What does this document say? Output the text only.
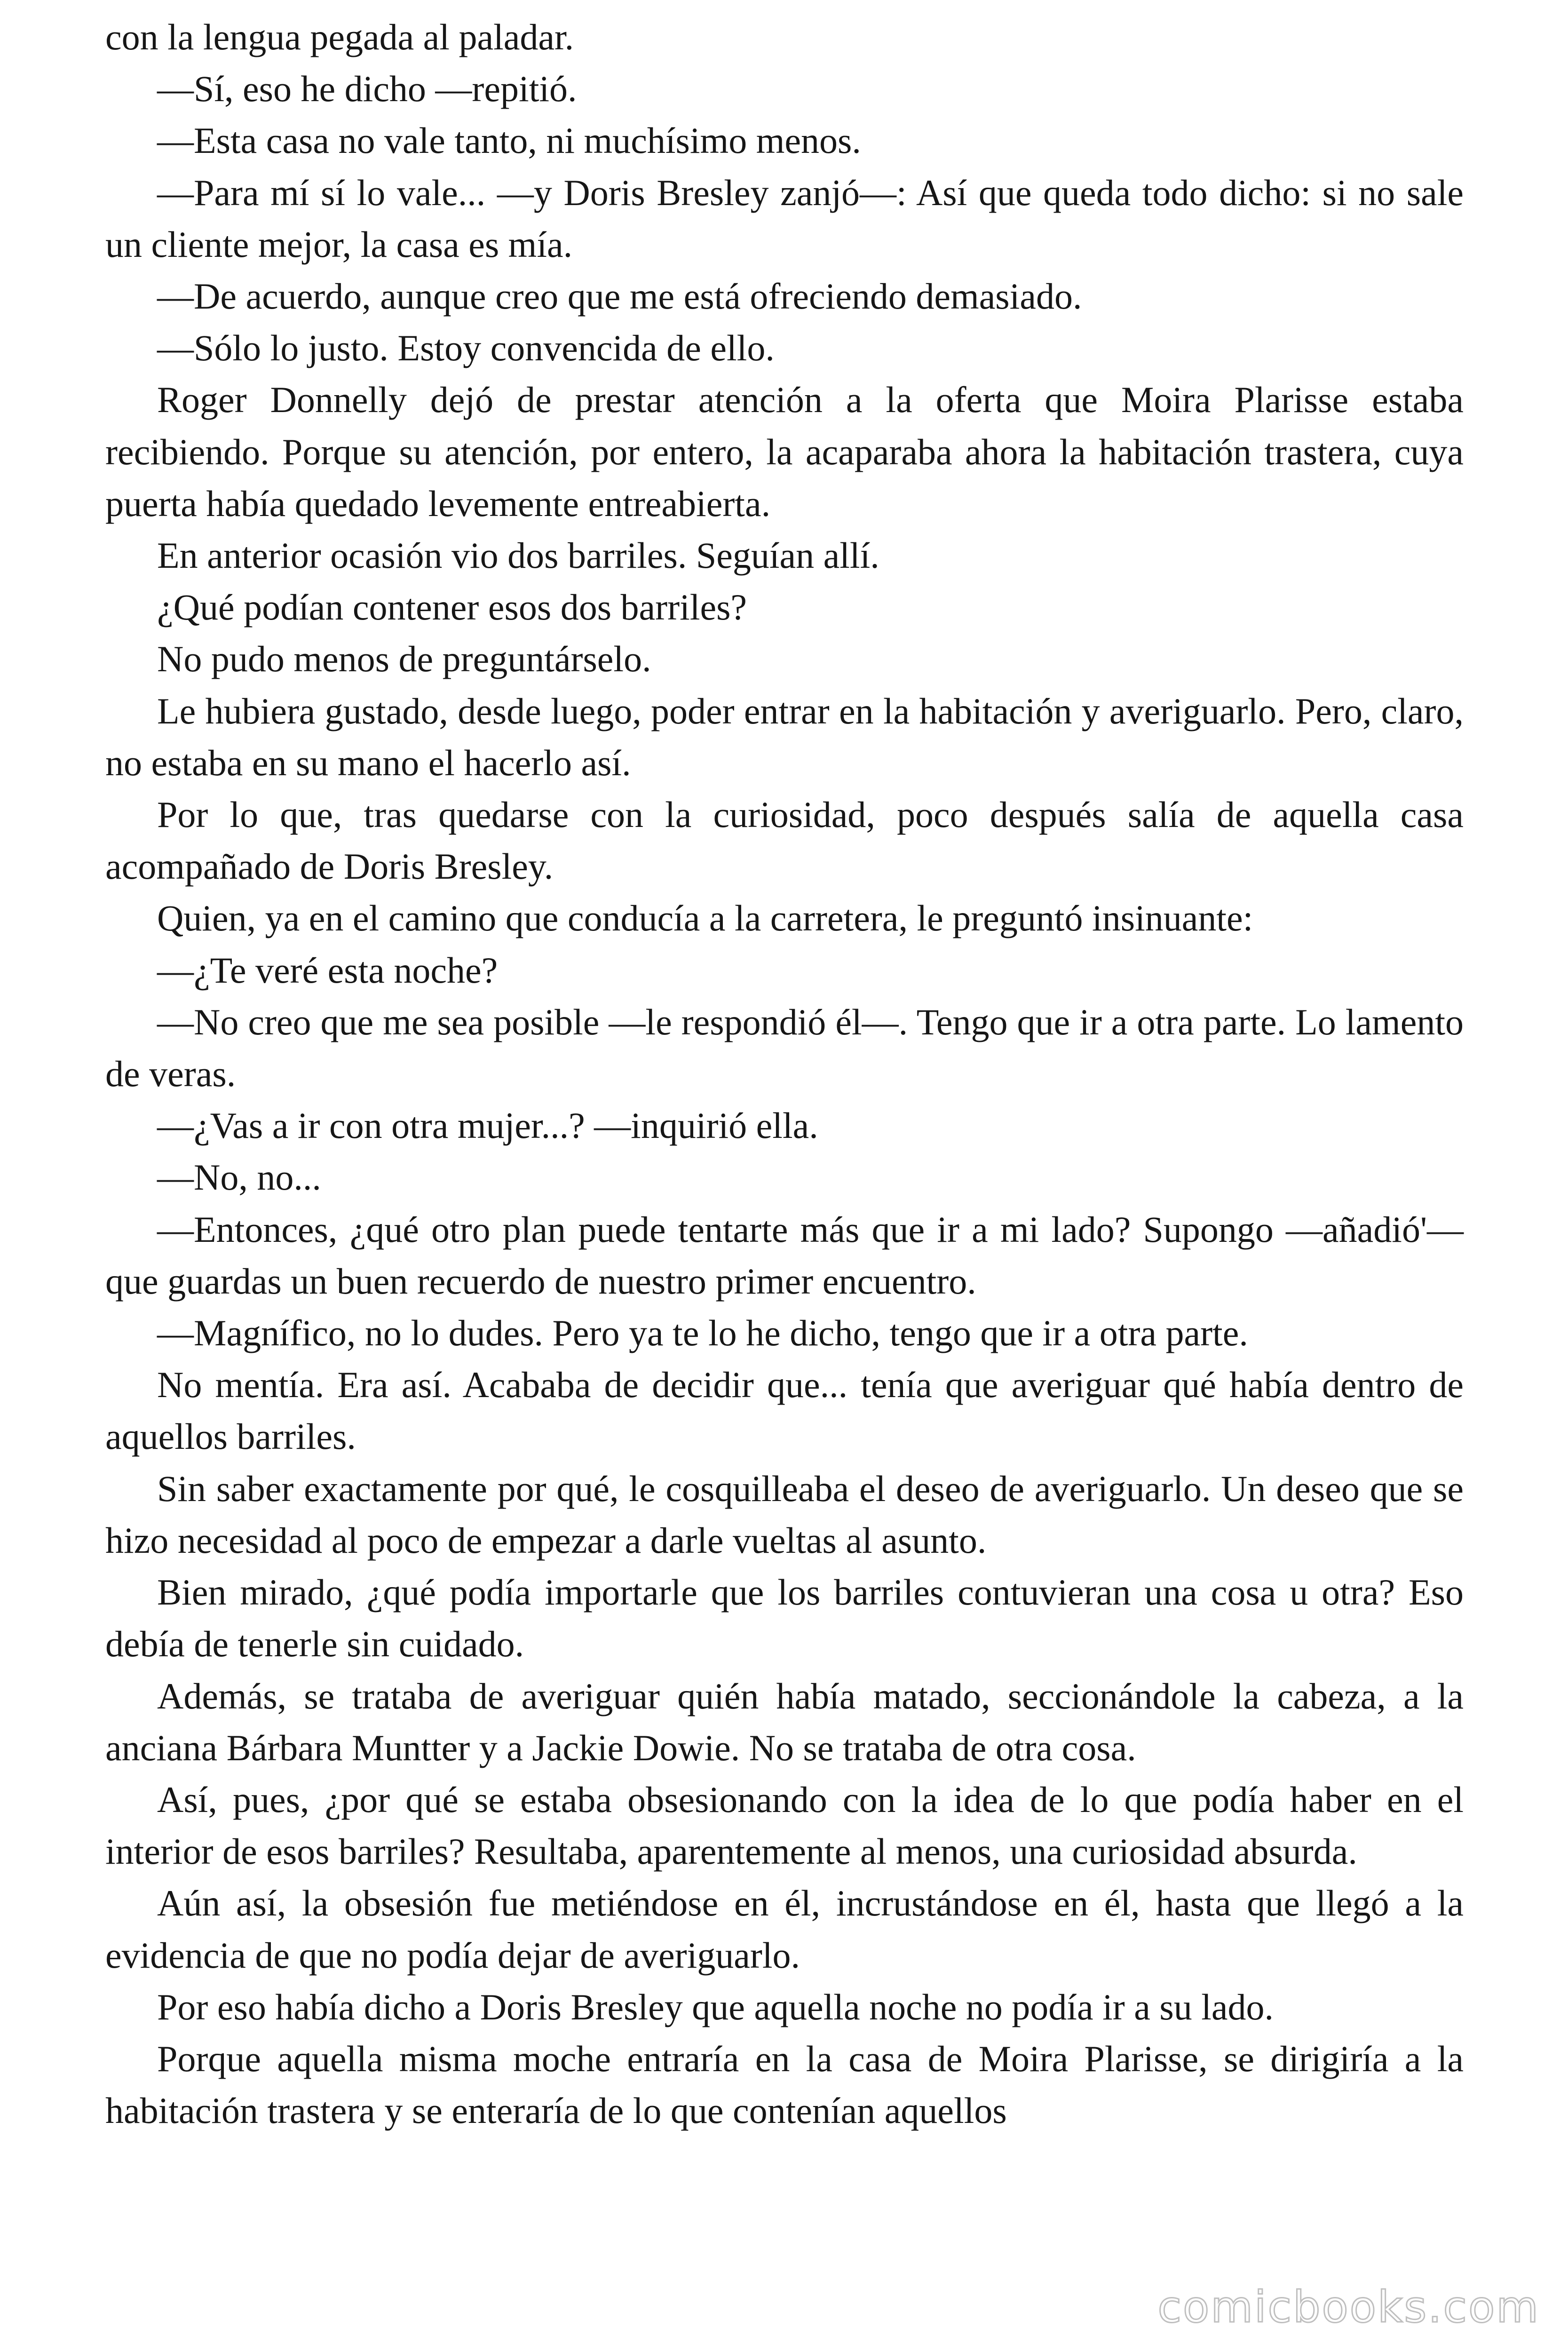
con la lengua pegada al paladar.

—Sí, eso he dicho —repitió.

—Esta casa no vale tanto, ni muchísimo menos.

—Para mí sí lo vale... —y Doris Bresley zanjó—: Así que queda todo dicho: si no sale un cliente mejor, la casa es mía.

—De acuerdo, aunque creo que me está ofreciendo demasiado.

—Sólo lo justo. Estoy convencida de ello.

Roger Donnelly dejó de prestar atención a la oferta que Moira Plarisse estaba recibiendo. Porque su atención, por entero, la acaparaba ahora la habitación trastera, cuya puerta había quedado levemente entreabierta.

En anterior ocasión vio dos barriles. Seguían allí.

¿Qué podían contener esos dos barriles?

No pudo menos de preguntárselo.

Le hubiera gustado, desde luego, poder entrar en la habitación y averiguarlo. Pero, claro, no estaba en su mano el hacerlo así.

Por lo que, tras quedarse con la curiosidad, poco después salía de aquella casa acompañado de Doris Bresley.

Quien, ya en el camino que conducía a la carretera, le preguntó insinuante:

—¿Te veré esta noche?

—No creo que me sea posible —le respondió él—. Tengo que ir a otra parte. Lo lamento de veras.

—¿Vas a ir con otra mujer...? —inquirió ella.

—No, no...

—Entonces, ¿qué otro plan puede tentarte más que ir a mi lado? Supongo —añadió'— que guardas un buen recuerdo de nuestro primer encuentro.

—Magnífico, no lo dudes. Pero ya te lo he dicho, tengo que ir a otra parte.

No mentía. Era así. Acababa de decidir que... tenía que averiguar qué había dentro de aquellos barriles.

Sin saber exactamente por qué, le cosquilleaba el deseo de averiguarlo. Un deseo que se hizo necesidad al poco de empezar a darle vueltas al asunto.

Bien mirado, ¿qué podía importarle que los barriles contuvieran una cosa u otra? Eso debía de tenerle sin cuidado.

Además, se trataba de averiguar quién había matado, seccionándole la cabeza, a la anciana Bárbara Muntter y a Jackie Dowie. No se trataba de otra cosa.

Así, pues, ¿por qué se estaba obsesionando con la idea de lo que podía haber en el interior de esos barriles? Resultaba, aparentemente al menos, una curiosidad absurda.

Aún así, la obsesión fue metiéndose en él, incrustándose en él, hasta que llegó a la evidencia de que no podía dejar de averiguarlo.

Por eso había dicho a Doris Bresley que aquella noche no podía ir a su lado.

Porque aquella misma moche entraría en la casa de Moira Plarisse, se dirigiría a la habitación trastera y se enteraría de lo que contenían aquellos

comicbooks.com
